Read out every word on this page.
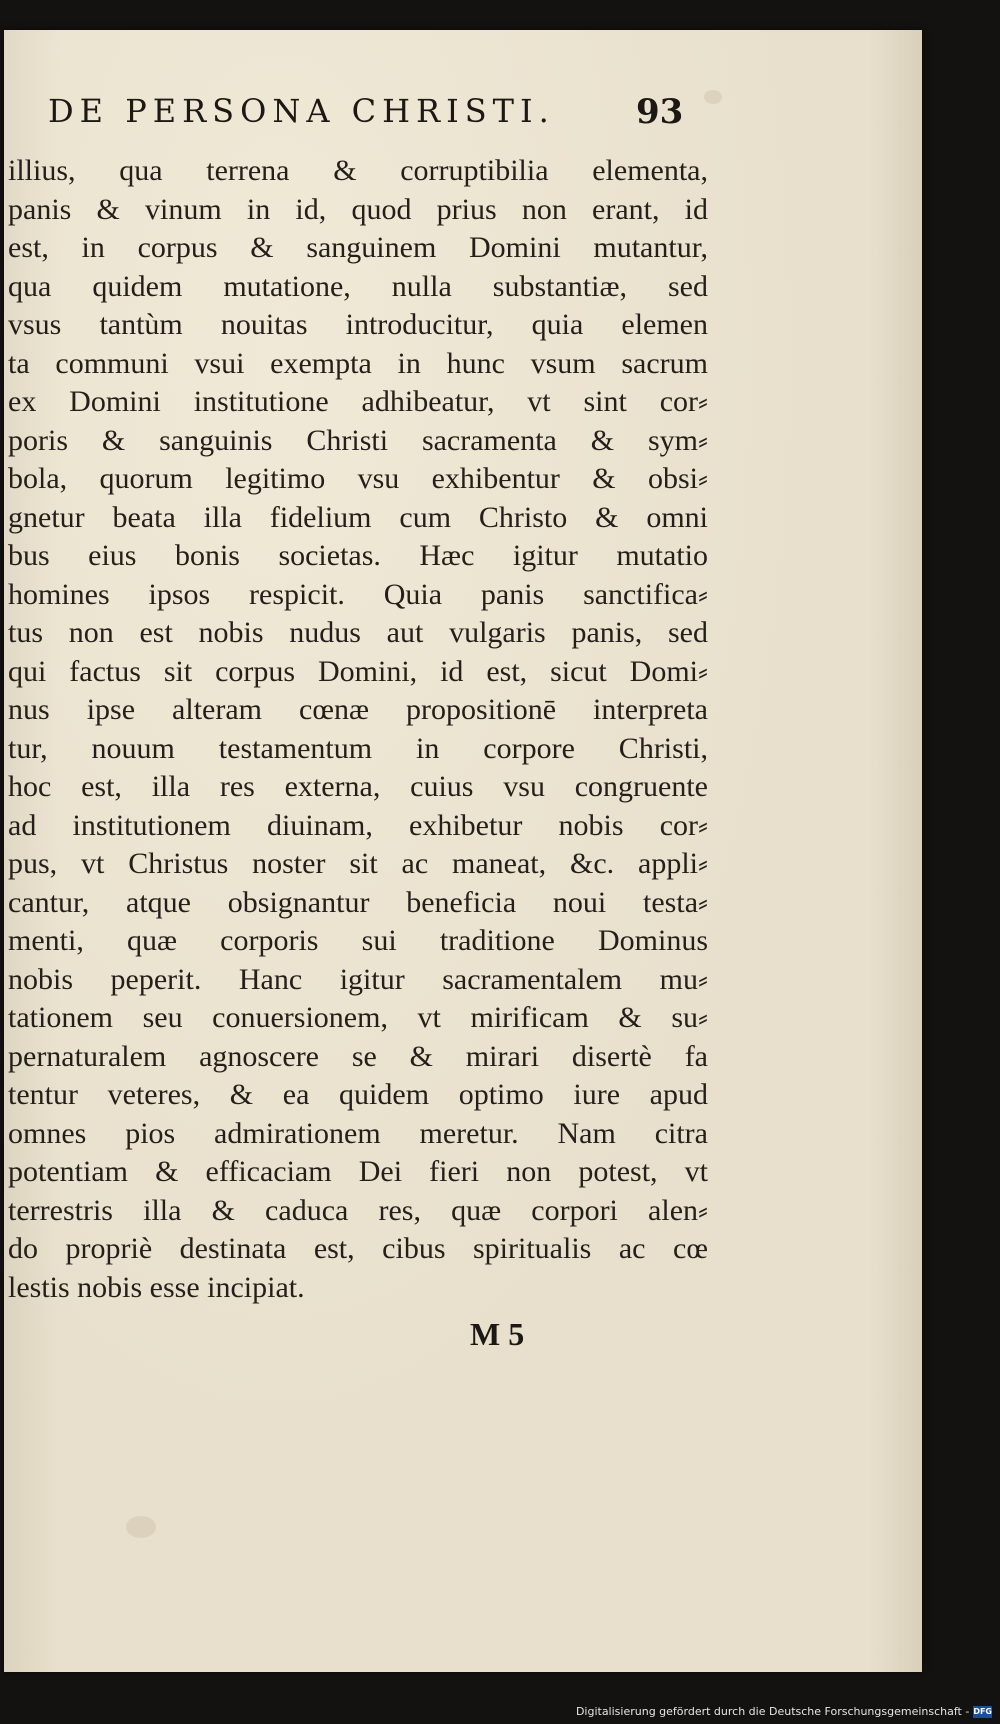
DE PERSONA CHRISTI.	93
illius, qua terrena & corruptibilia elementa,
panis & vinum in id, quod prius non erant, id
est, in corpus & sanguinem Domini mutantur,
qua quidem mutatione, nulla substantiæ, sed
vsus tantùm nouitas introducitur, quia elemen
ta communi vsui exempta in hunc vsum sacrum
ex Domini institutione adhibeatur, vt sint cor⸗
poris & sanguinis Christi sacramenta & sym⸗
bola, quorum legitimo vsu exhibentur & obsi⸗
gnetur beata illa fidelium cum Christo & omni
bus eius bonis societas. Hæc igitur mutatio
homines ipsos respicit. Quia panis sanctifica⸗
tus non est nobis nudus aut vulgaris panis, sed
qui factus sit corpus Domini, id est, sicut Domi⸗
nus ipse alteram cœnæ propositionē interpreta
tur, nouum testamentum in corpore Christi,
hoc est, illa res externa, cuius vsu congruente
ad institutionem diuinam, exhibetur nobis cor⸗
pus, vt Christus noster sit ac maneat, &c. appli⸗
cantur, atque obsignantur beneficia noui testa⸗
menti, quæ corporis sui traditione Dominus
nobis peperit. Hanc igitur sacramentalem mu⸗
tationem seu conuersionem, vt mirificam & su⸗
pernaturalem agnoscere se & mirari disertè fa
tentur veteres, & ea quidem optimo iure apud
omnes pios admirationem meretur. Nam citra
potentiam & efficaciam Dei fieri non potest, vt
terrestris illa & caduca res, quæ corpori alen⸗
do propriè destinata est, cibus spiritualis ac cœ
lestis nobis esse incipiat.
M 5
Digitalisierung gefördert durch die Deutsche Forschungsgemeinschaft - DFG
